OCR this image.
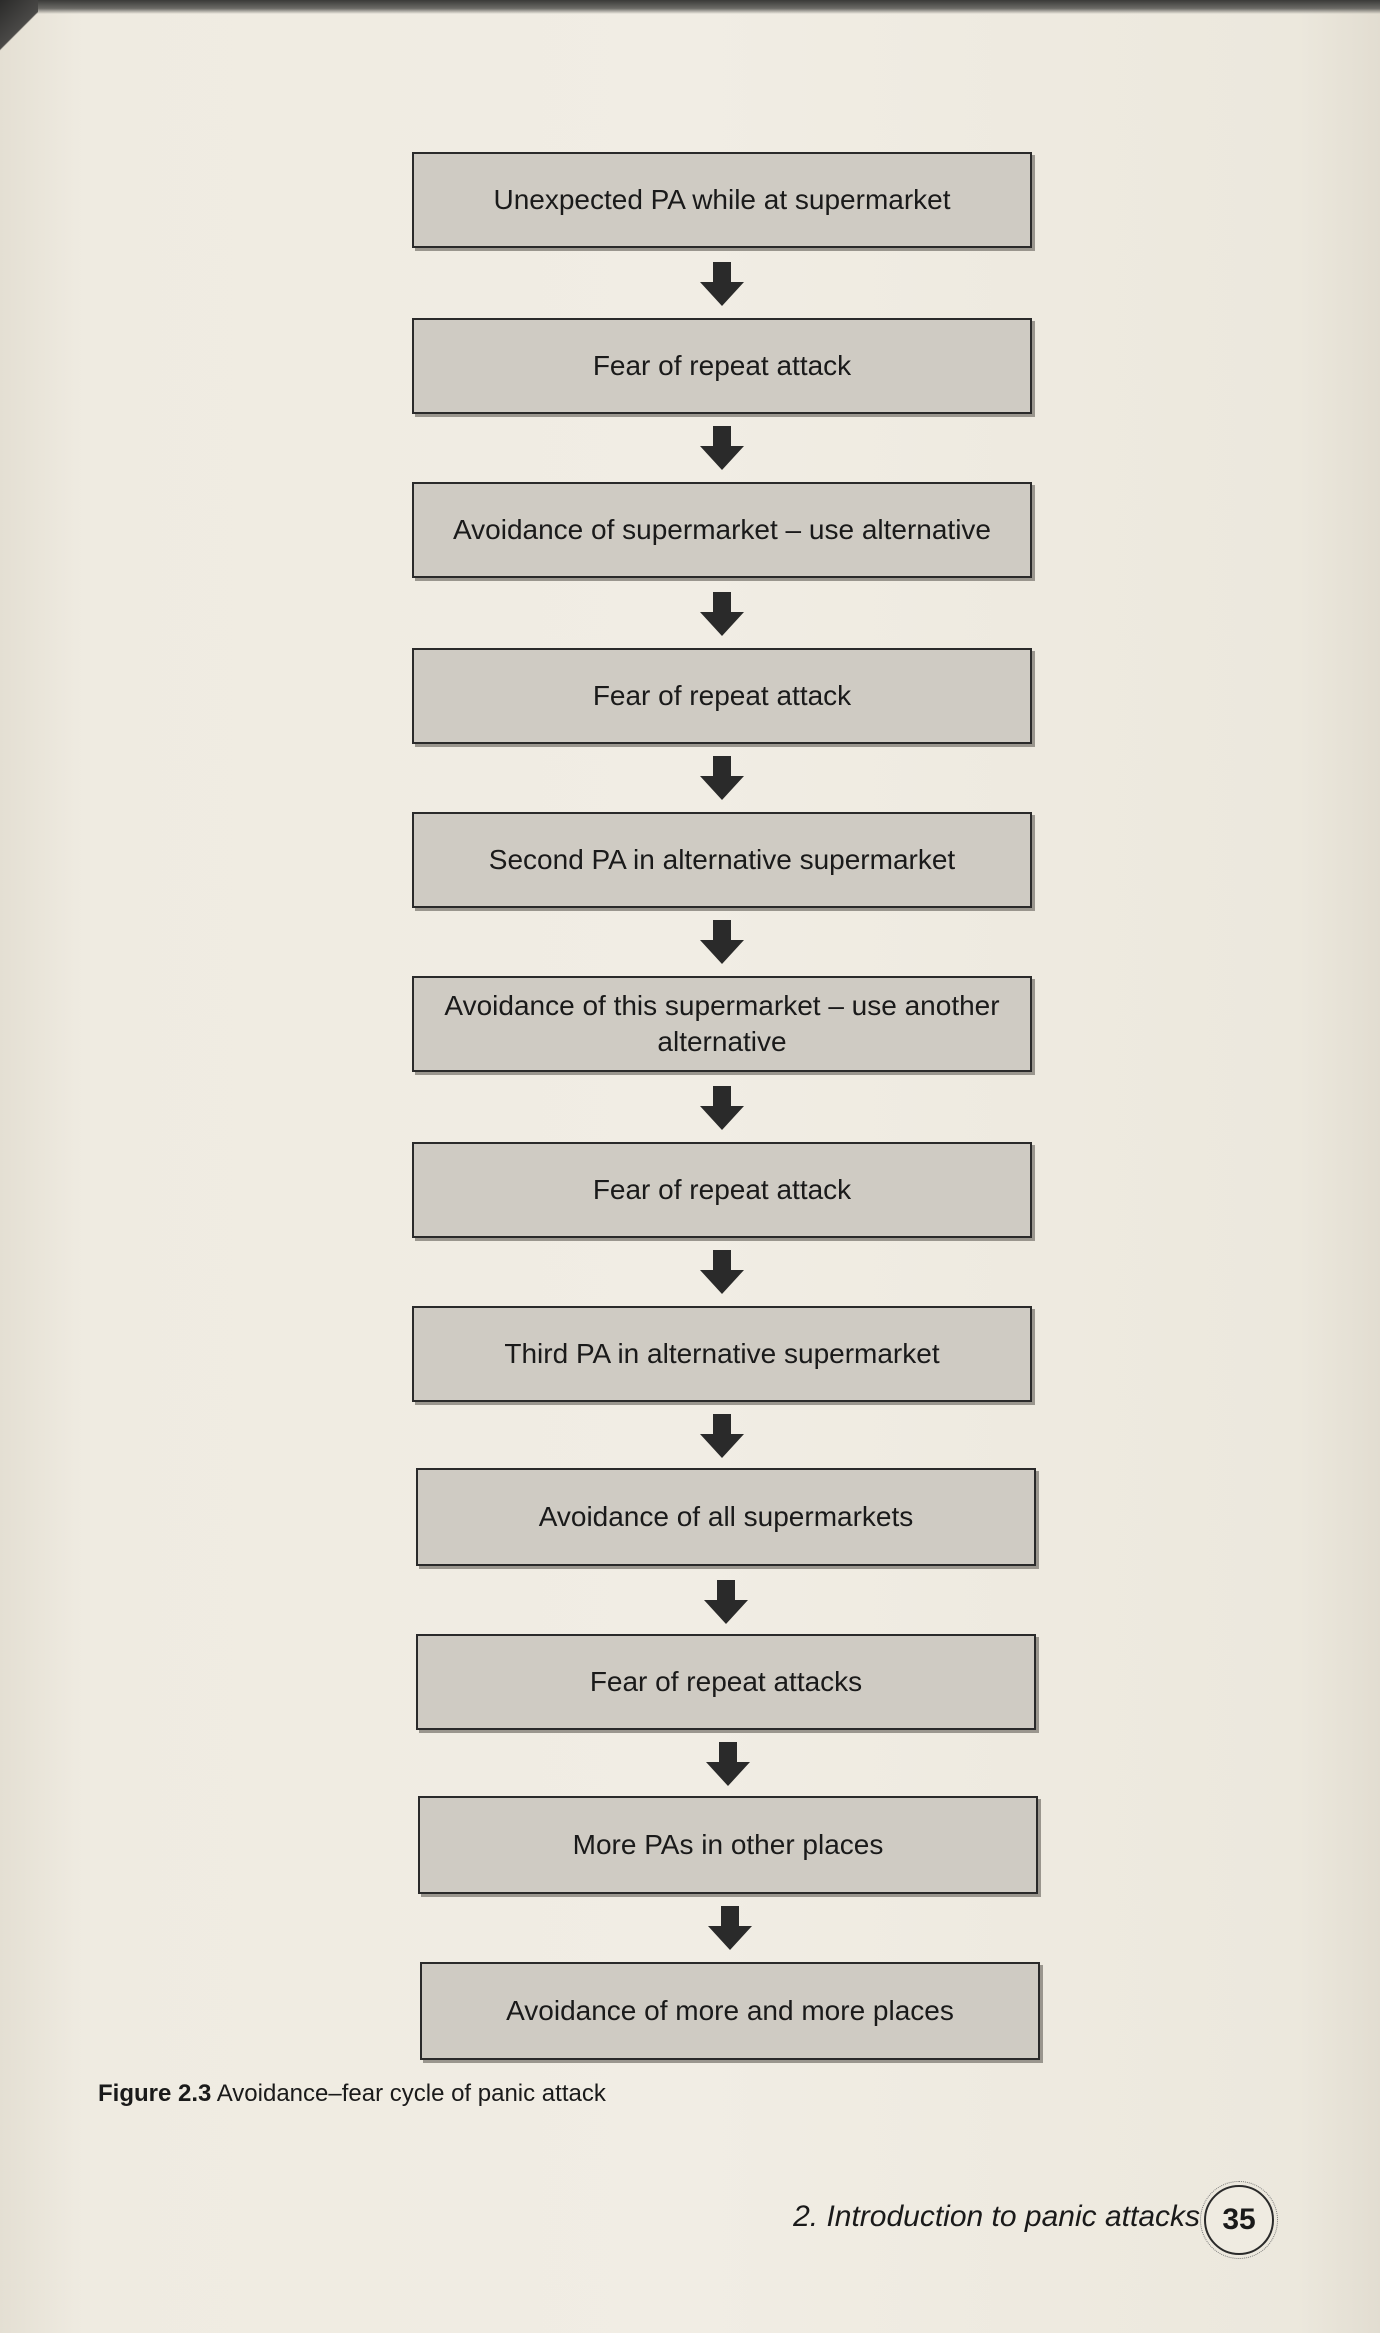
Unexpected PA while at supermarket
Fear of repeat attack
Avoidance of supermarket – use alternative
Fear of repeat attack
Second PA in alternative supermarket
Avoidance of this supermarket – use another alternative
Fear of repeat attack
Third PA in alternative supermarket
Avoidance of all supermarkets
Fear of repeat attacks
More PAs in other places
Avoidance of more and more places
Figure 2.3 Avoidance–fear cycle of panic attack
2. Introduction to panic attacks 35
